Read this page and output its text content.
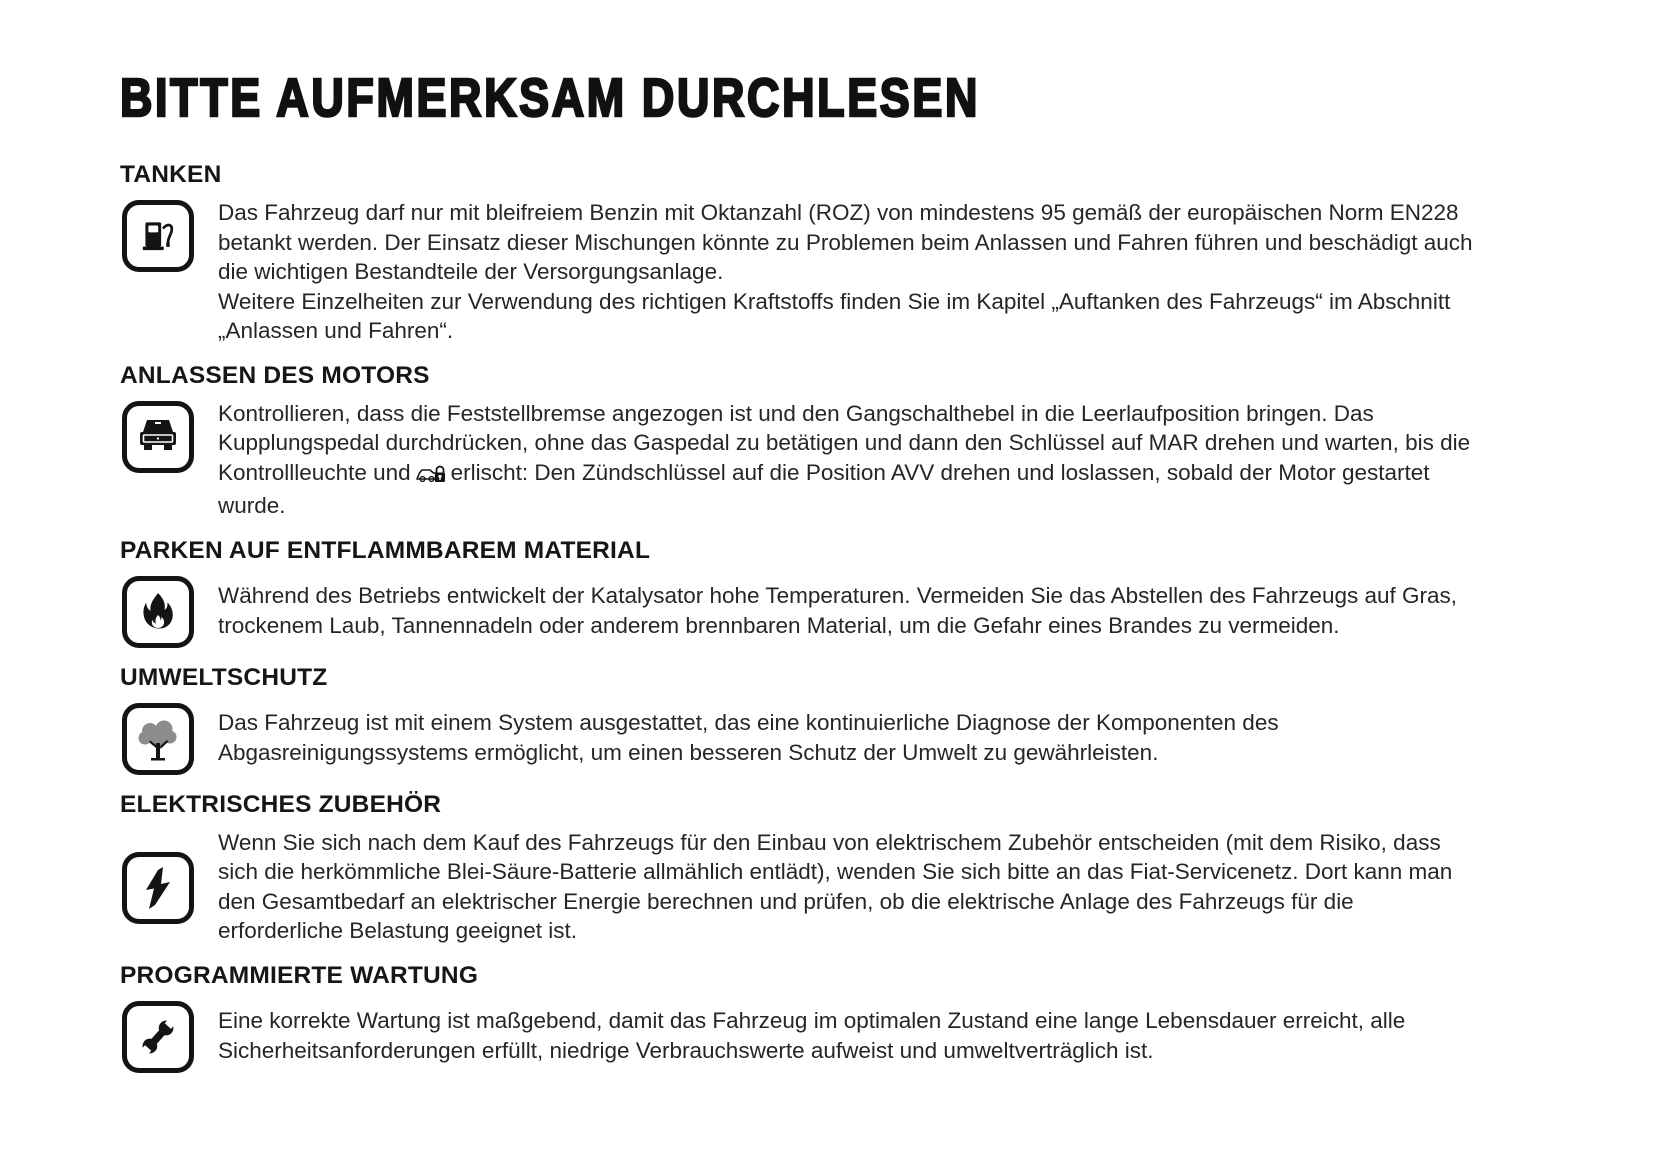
BITTE AUFMERKSAM DURCHLESEN
TANKEN

Das Fahrzeug darf nur mit bleifreiem Benzin mit Oktanzahl (ROZ) von mindestens 95 gemäß der europäischen Norm EN228 betankt werden. Der Einsatz dieser Mischungen könnte zu Problemen beim Anlassen und Fahren führen und beschädigt auch die wichtigen Bestandteile der Versorgungsanlage.

Weitere Einzelheiten zur Verwendung des richtigen Kraftstoffs finden Sie im Kapitel „Auftanken des Fahrzeugs“ im Abschnitt „Anlassen und Fahren“.

ANLASSEN DES MOTORS

Kontrollieren, dass die Feststellbremse angezogen ist und den Gangschalthebel in die Leerlaufposition bringen. Das Kupplungspedal durchdrücken, ohne das Gaspedal zu betätigen und dann den Schlüssel auf MAR drehen und warten, bis die Kontrollleuchte und erlischt: Den Zündschlüssel auf die Position AVV drehen und loslassen, sobald der Motor gestartet wurde.

PARKEN AUF ENTFLAMMBAREM MATERIAL

Während des Betriebs entwickelt der Katalysator hohe Temperaturen. Vermeiden Sie das Abstellen des Fahrzeugs auf Gras, trockenem Laub, Tannennadeln oder anderem brennbaren Material, um die Gefahr eines Brandes zu vermeiden.

UMWELTSCHUTZ

Das Fahrzeug ist mit einem System ausgestattet, das eine kontinuierliche Diagnose der Komponenten des Abgasreinigungssystems ermöglicht, um einen besseren Schutz der Umwelt zu gewährleisten.

ELEKTRISCHES ZUBEHÖR

Wenn Sie sich nach dem Kauf des Fahrzeugs für den Einbau von elektrischem Zubehör entscheiden (mit dem Risiko, dass sich die herkömmliche Blei-Säure-Batterie allmählich entlädt), wenden Sie sich bitte an das Fiat-Servicenetz. Dort kann man den Gesamtbedarf an elektrischer Energie berechnen und prüfen, ob die elektrische Anlage des Fahrzeugs für die erforderliche Belastung geeignet ist.

PROGRAMMIERTE WARTUNG

Eine korrekte Wartung ist maßgebend, damit das Fahrzeug im optimalen Zustand eine lange Lebensdauer erreicht, alle Sicherheitsanforderungen erfüllt, niedrige Verbrauchswerte aufweist und umweltverträglich ist.
